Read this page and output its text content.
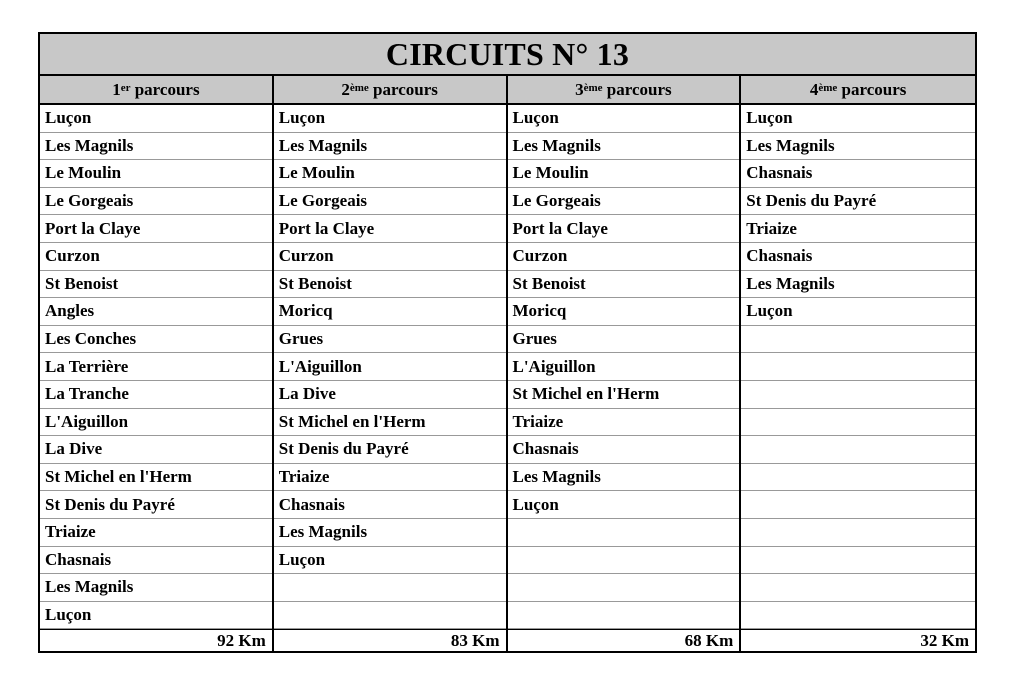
CIRCUITS N° 13
1er
parcours
Luçon
Les Magnils
Le Moulin
Le Gorgeais
Port la Claye
Curzon
St Benoist
Angles
Les Conches
La Terrière
La Tranche
L'Aiguillon
La Dive
St Michel en l'Herm
St Denis du Payré
Triaize
Chasnais
Les Magnils
Luçon
92 Km
2ème
parcours
Luçon
Les Magnils
Le Moulin
Le Gorgeais
Port la Claye
Curzon
St Benoist
Moricq
Grues
L'Aiguillon
La Dive
St Michel en l'Herm
St Denis du Payré
Triaize
Chasnais
Les Magnils
Luçon
83 Km
3ème
parcours
Luçon
Les Magnils
Le Moulin
Le Gorgeais
Port la Claye
Curzon
St Benoist
Moricq
Grues
L'Aiguillon
St Michel en l'Herm
Triaize
Chasnais
Les Magnils
Luçon
68 Km
4ème
parcours
Luçon
Les Magnils
Chasnais
St Denis du Payré
Triaize
Chasnais
Les Magnils
Luçon
32 Km
